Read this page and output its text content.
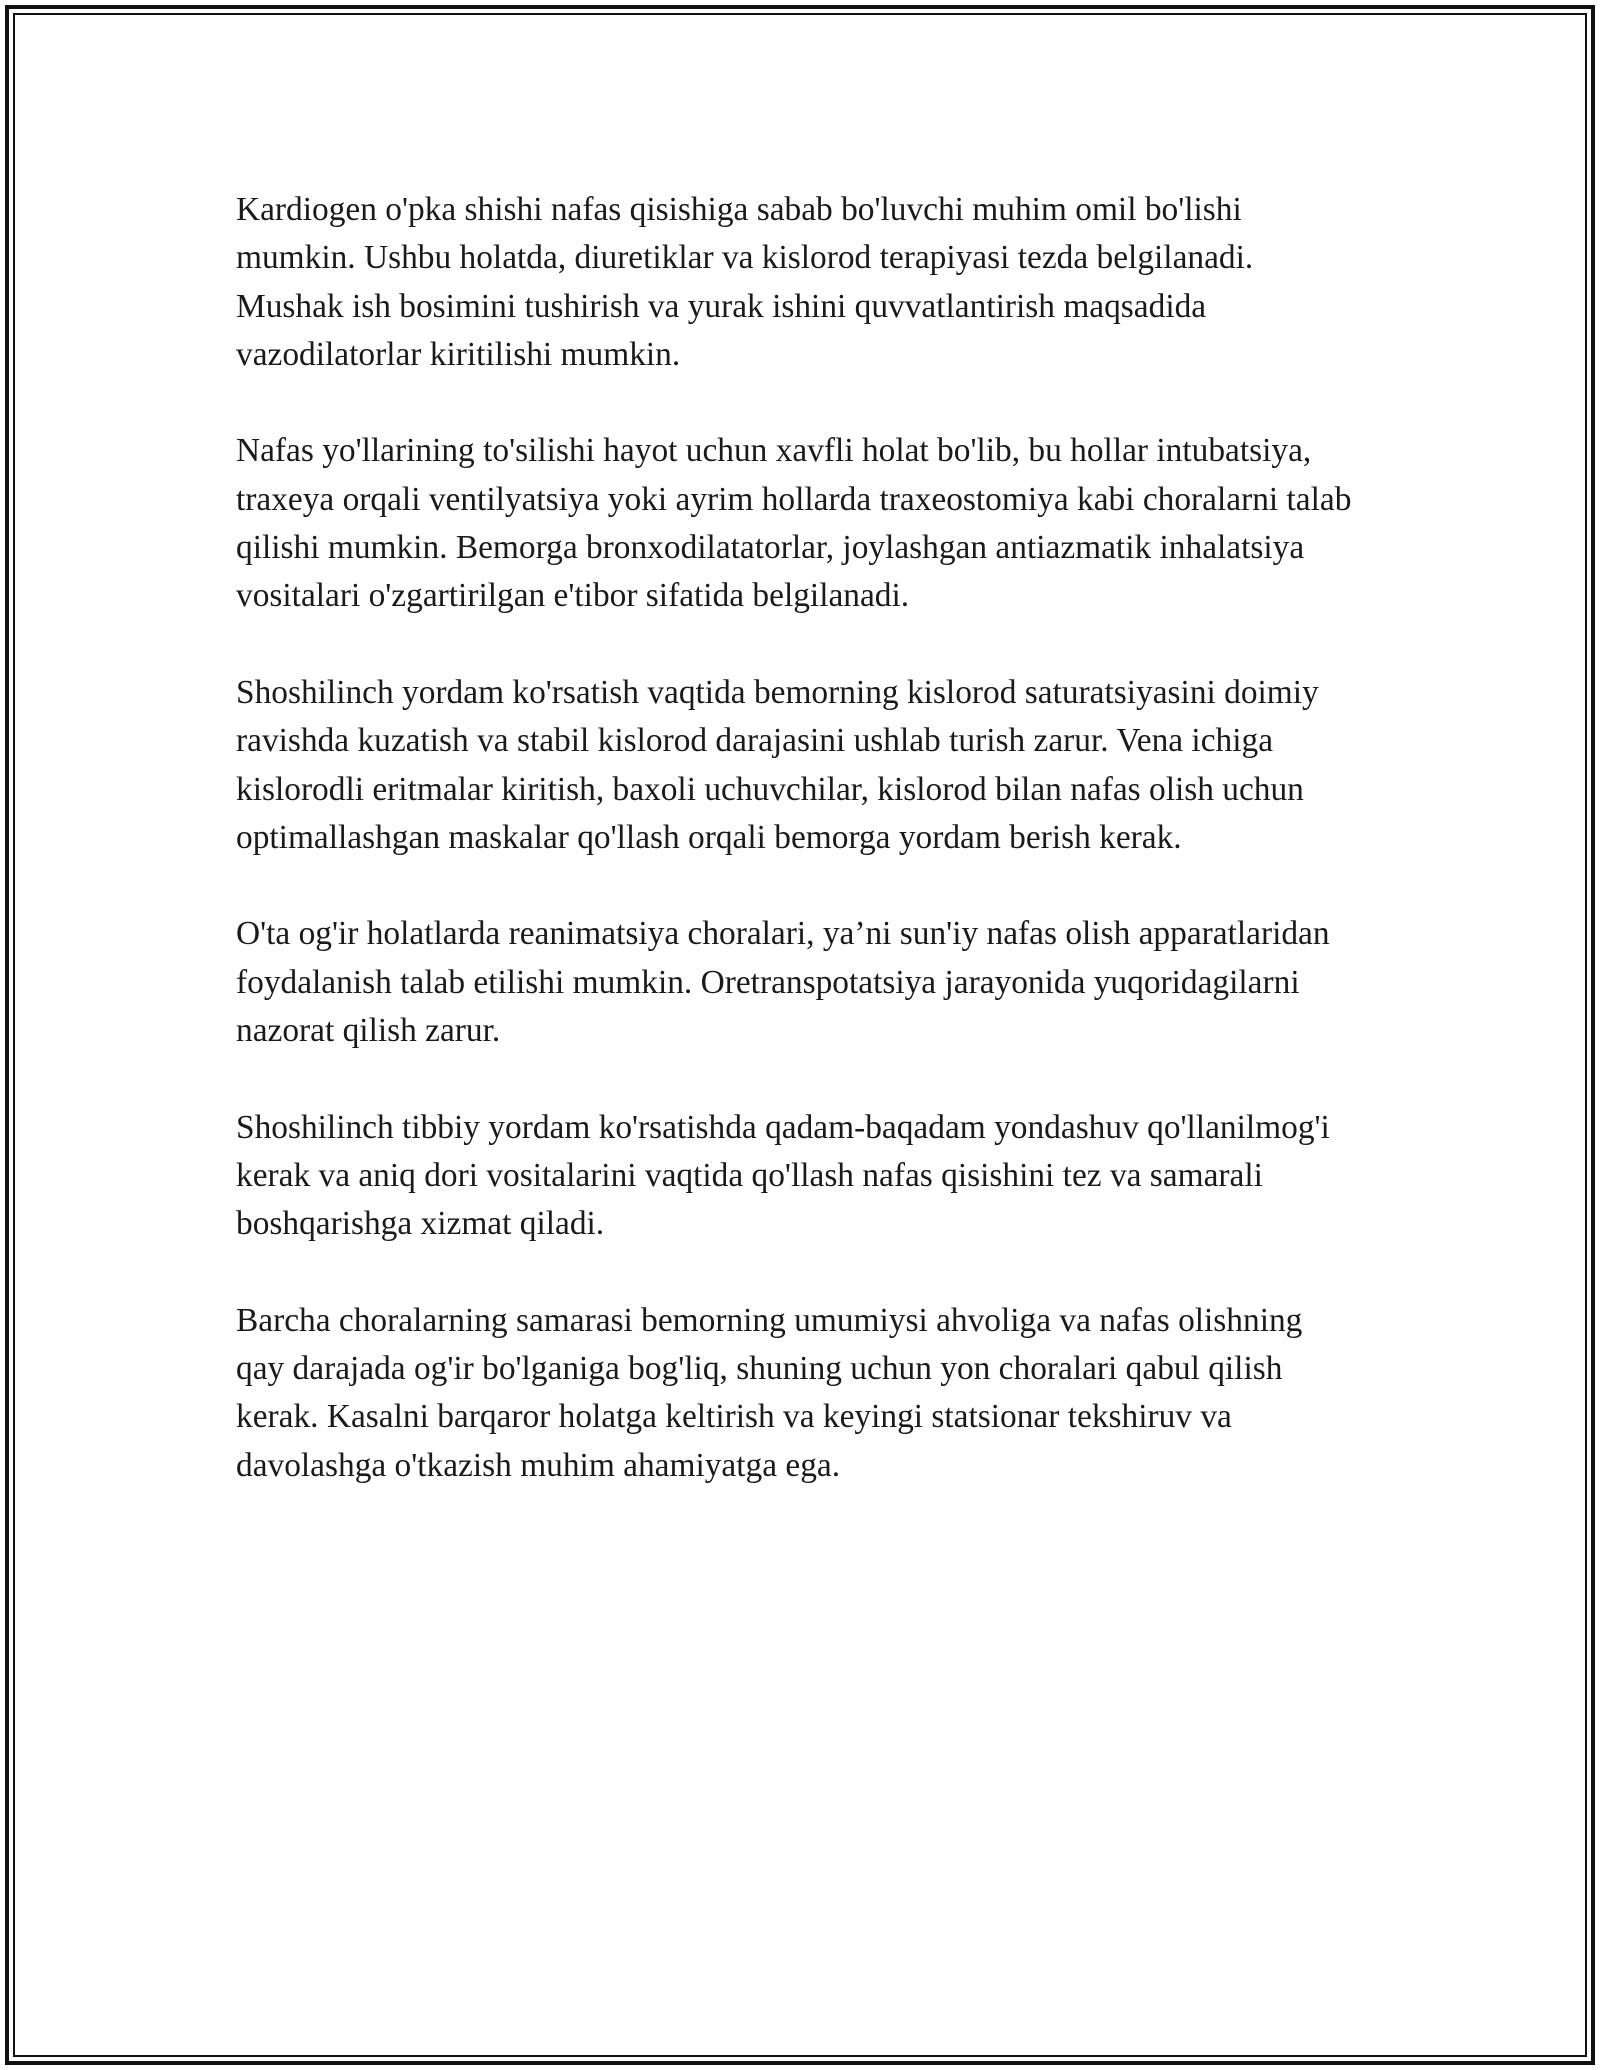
Kardiogen o'pka shishi nafas qisishiga sabab bo'luvchi muhim omil bo'lishi mumkin. Ushbu holatda, diuretiklar va kislorod terapiyasi tezda belgilanadi. Mushak ish bosimini tushirish va yurak ishini quvvatlantirish maqsadida vazodilatorlar kiritilishi mumkin.

Nafas yo'llarining to'silishi hayot uchun xavfli holat bo'lib, bu hollar intubatsiya, traxeya orqali ventilyatsiya yoki ayrim hollarda traxeostomiya kabi choralarni talab qilishi mumkin. Bemorga bronxodilatatorlar, joylashgan antiazmatik inhalatsiya vositalari o'zgartirilgan e'tibor sifatida belgilanadi.

Shoshilinch yordam ko'rsatish vaqtida bemorning kislorod saturatsiyasini doimiy ravishda kuzatish va stabil kislorod darajasini ushlab turish zarur. Vena ichiga kislorodli eritmalar kiritish, baxoli uchuvchilar, kislorod bilan nafas olish uchun optimallashgan maskalar qo'llash orqali bemorga yordam berish kerak.

O'ta og'ir holatlarda reanimatsiya choralari, ya’ni sun'iy nafas olish apparatlaridan foydalanish talab etilishi mumkin. Oretranspotatsiya jarayonida yuqoridagilarni nazorat qilish zarur.

Shoshilinch tibbiy yordam ko'rsatishda qadam-baqadam yondashuv qo'llanilmog'i kerak va aniq dori vositalarini vaqtida qo'llash nafas qisishini tez va samarali boshqarishga xizmat qiladi.

Barcha choralarning samarasi bemorning umumiysi ahvoliga va nafas olishning qay darajada og'ir bo'lganiga bog'liq, shuning uchun yon choralari qabul qilish kerak. Kasalni barqaror holatga keltirish va keyingi statsionar tekshiruv va davolashga o'tkazish muhim ahamiyatga ega.
